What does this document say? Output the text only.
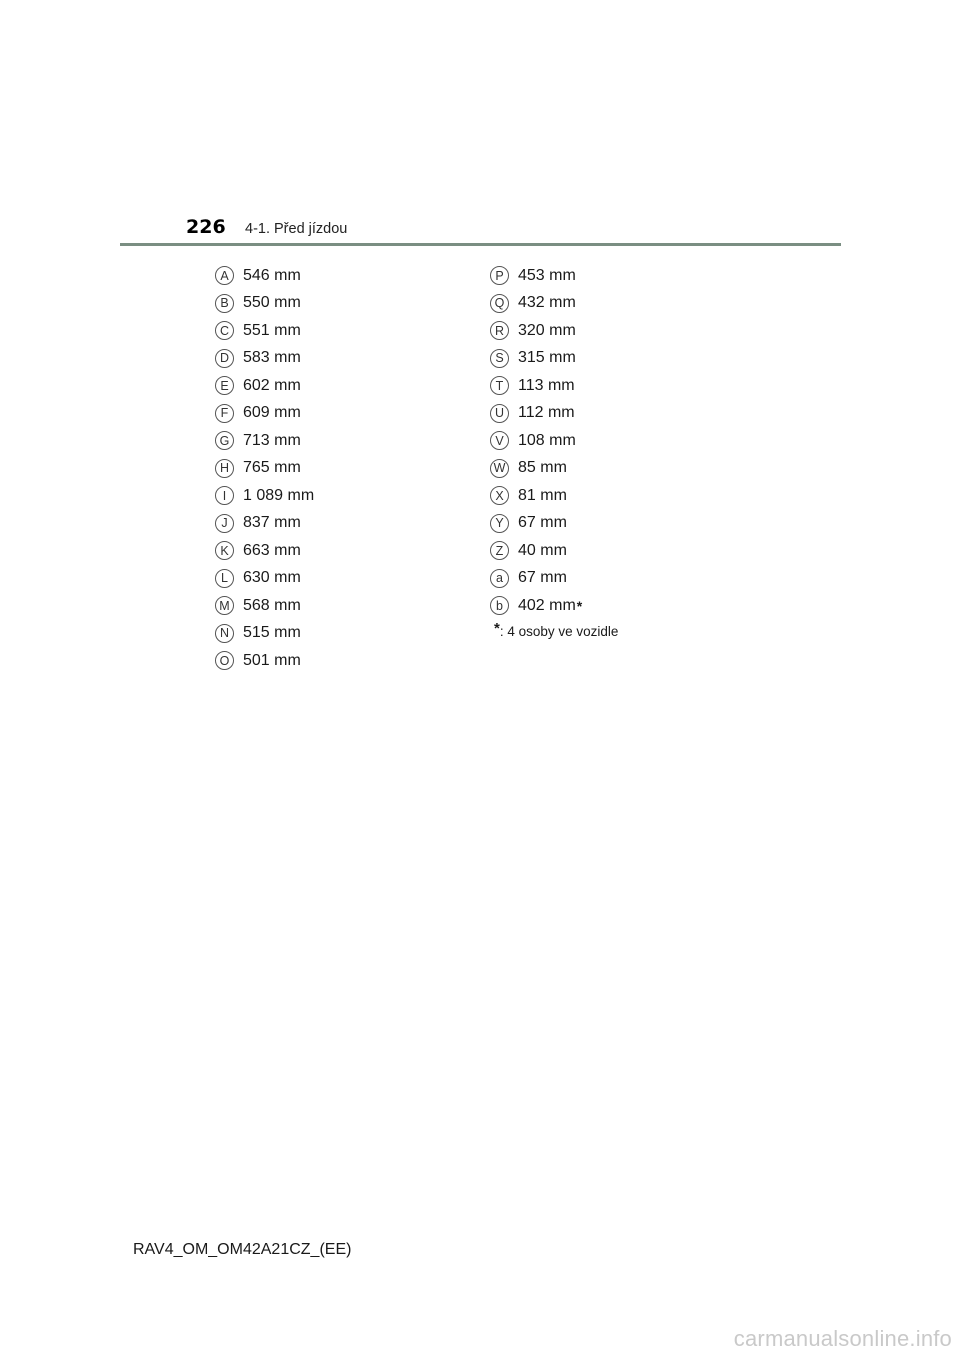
226 4-1. Před jízdou
A 546 mm
B 550 mm
C 551 mm
D 583 mm
E 602 mm
F 609 mm
G 713 mm
H 765 mm
I	1 089 mm
J 837 mm
K 663 mm
L 630 mm
M 568 mm
N 515 mm
O 501 mm
P 453 mm
Q 432 mm
R 320 mm
S 315 mm
T 113 mm
U 112 mm
V 108 mm
W 85 mm
X 81 mm
Y 67 mm
Z 40 mm
a 67 mm
b 402 mm *
* : 4 osoby ve vozidle
RAV4_OM_OM42A21CZ_(EE)
carmanualsonline.info
